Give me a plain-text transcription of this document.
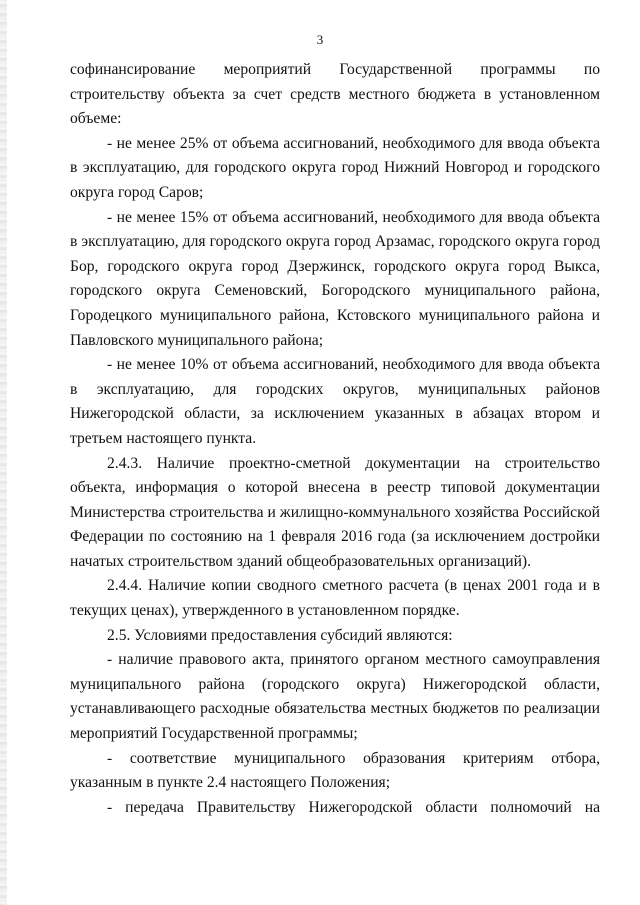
3

софинансирование мероприятий Государственной программы по строительству объекта за счет средств местного бюджета в установленном объеме:

- не менее 25% от объема ассигнований, необходимого для ввода объекта в эксплуатацию, для городского округа город Нижний Новгород и городского округа город Саров;

- не менее 15% от объема ассигнований, необходимого для ввода объекта в эксплуатацию, для городского округа город Арзамас, городского округа город Бор, городского округа город Дзержинск, городского округа город Выкса, городского округа Семеновский, Богородского муниципального района, Городецкого муниципального района, Кстовского муниципального района и Павловского муниципального района;

- не менее 10% от объема ассигнований, необходимого для ввода объекта в эксплуатацию, для городских округов, муниципальных районов Нижегородской области, за исключением указанных в абзацах втором и третьем настоящего пункта.

2.4.3. Наличие проектно-сметной документации на строительство объекта, информация о которой внесена в реестр типовой документации Министерства строительства и жилищно-коммунального хозяйства Российской Федерации по состоянию на 1 февраля 2016 года (за исключением достройки начатых строительством зданий общеобразовательных организаций).

2.4.4. Наличие копии сводного сметного расчета (в ценах 2001 года и в текущих ценах), утвержденного в установленном порядке.

2.5. Условиями предоставления субсидий являются:

- наличие правового акта, принятого органом местного самоуправления муниципального района (городского округа) Нижегородской области, устанавливающего расходные обязательства местных бюджетов по реализации мероприятий Государственной программы;

- соответствие муниципального образования критериям отбора, указанным в пункте 2.4 настоящего Положения;

- передача Правительству Нижегородской области полномочий на
